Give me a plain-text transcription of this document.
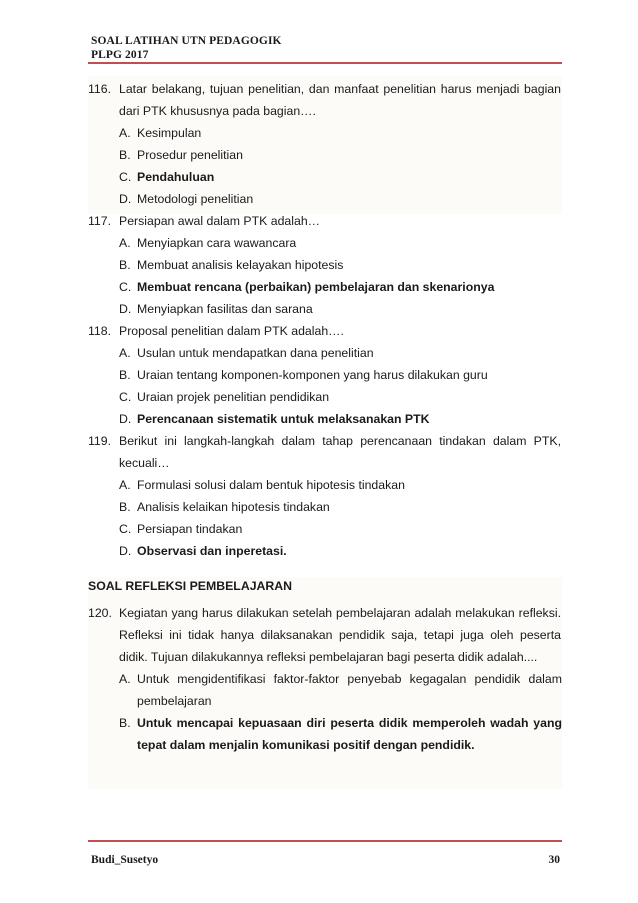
SOAL LATIHAN UTN PEDAGOGIK
PLPG 2017
116. Latar belakang, tujuan penelitian, dan manfaat penelitian harus menjadi bagian dari PTK khususnya pada bagian….
A. Kesimpulan
B. Prosedur penelitian
C. Pendahuluan
D. Metodologi penelitian
117. Persiapan awal dalam PTK adalah…
A. Menyiapkan cara wawancara
B. Membuat analisis kelayakan hipotesis
C. Membuat rencana (perbaikan) pembelajaran dan skenarionya
D. Menyiapkan fasilitas dan sarana
118. Proposal penelitian dalam PTK adalah….
A. Usulan untuk mendapatkan dana penelitian
B. Uraian tentang komponen-komponen yang harus dilakukan guru
C. Uraian projek penelitian pendidikan
D. Perencanaan sistematik untuk melaksanakan PTK
119. Berikut ini langkah-langkah dalam tahap perencanaan tindakan dalam PTK, kecuali…
A. Formulasi solusi dalam bentuk hipotesis tindakan
B. Analisis kelaikan hipotesis tindakan
C. Persiapan tindakan
D. Observasi dan inperetasi.
SOAL REFLEKSI PEMBELAJARAN
120. Kegiatan yang harus dilakukan setelah pembelajaran adalah melakukan refleksi. Refleksi ini tidak hanya dilaksanakan pendidik saja, tetapi juga oleh peserta didik. Tujuan dilakukannya refleksi pembelajaran bagi peserta didik adalah....
A. Untuk mengidentifikasi faktor-faktor penyebab kegagalan pendidik dalam pembelajaran
B. Untuk mencapai kepuasaan diri peserta didik memperoleh wadah yang tepat dalam menjalin komunikasi positif dengan pendidik.
Budi_Susetyo	30
